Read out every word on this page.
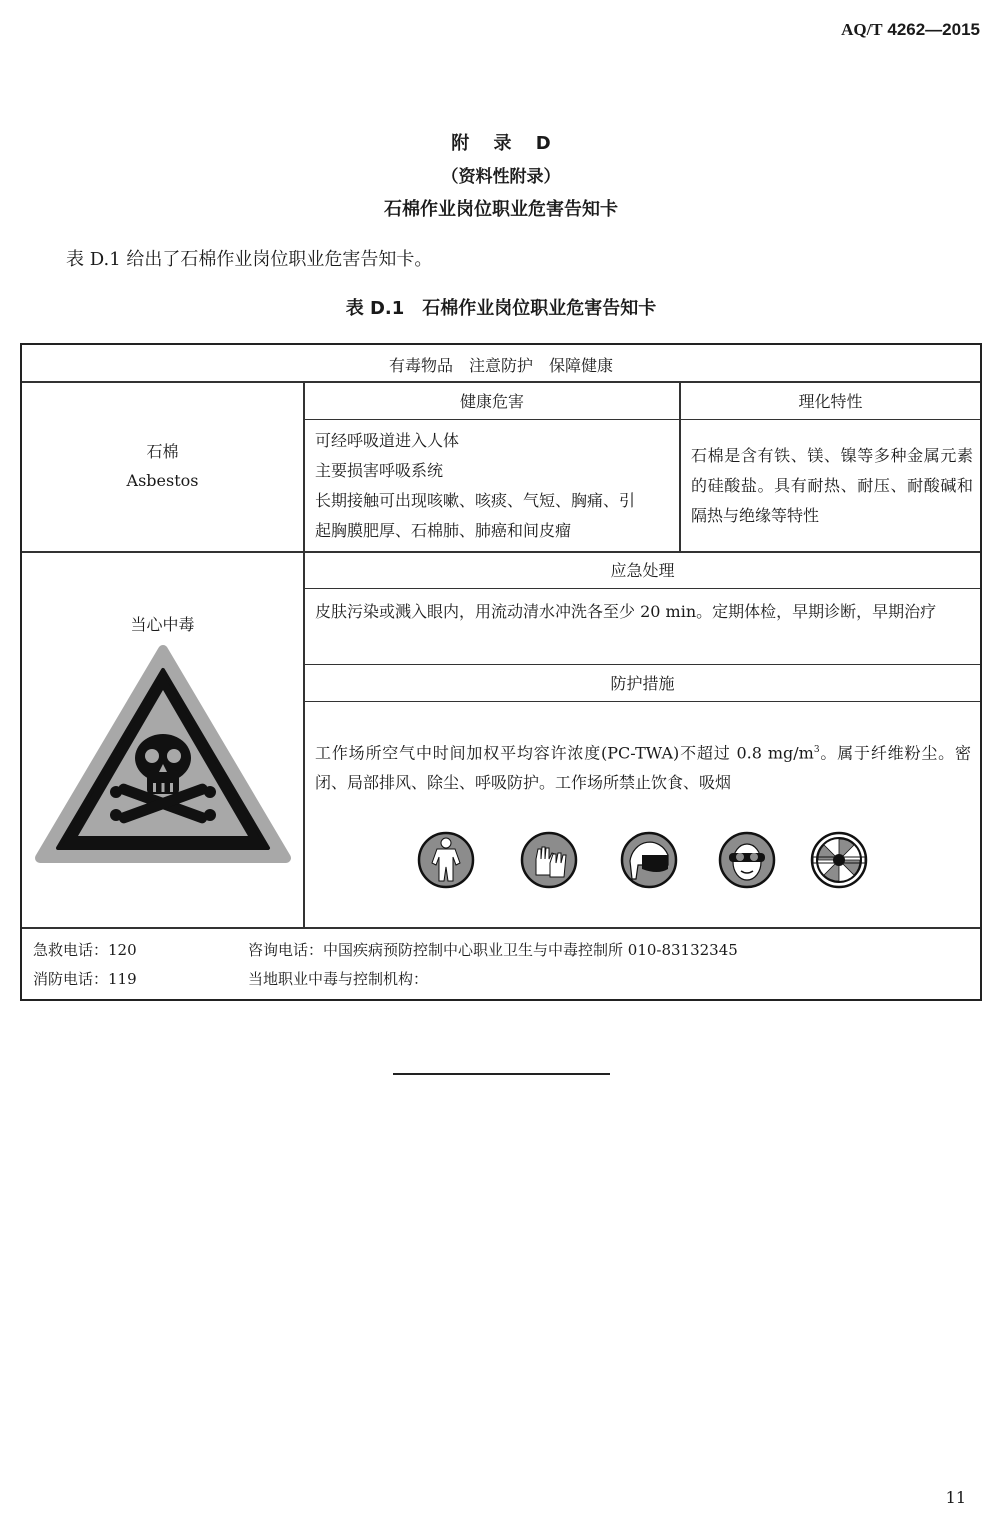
AQ/T 4262—2015
附 录 D
（资料性附录）
石棉作业岗位职业危害告知卡
表 D.1 给出了石棉作业岗位职业危害告知卡。
表 D.1　石棉作业岗位职业危害告知卡
有毒物品　注意防护　保障健康
石棉
Asbestos
健康危害	理化特性
可经呼吸道进入人体
主要损害呼吸系统
长期接触可出现咳嗽、咳痰、气短、胸痛、引
起胸膜肥厚、石棉肺、肺癌和间皮瘤
石棉是含有铁、镁、镍等多种金属元素的硅酸盐。具有耐热、耐压、耐酸碱和隔热与绝缘等特性
当心中毒
应急处理
皮肤污染或溅入眼内，用流动清水冲洗各至少 20 min。定期体检，早期诊断，早期治疗
防护措施
工作场所空气中时间加权平均容许浓度(PC-TWA)不超过 0.8 $mg/m^3$。属于纤维粉尘。密闭、局部排风、除尘、呼吸防护。工作场所禁止饮食、吸烟
急救电话：120
消防电话：119
咨询电话：中国疾病预防控制中心职业卫生与中毒控制所 010-83132345
当地职业中毒与控制机构：
11
